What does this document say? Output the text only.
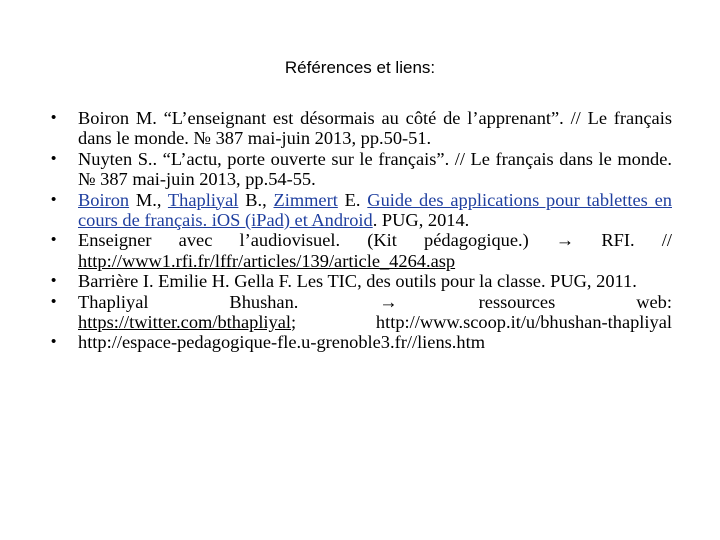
Références et liens:
• Boiron M. “L’enseignant est désormais au côté de l’apprenant”. // Le français dans le monde. № 387 mai-juin 2013, pp.50-51.
• Nuyten S.. “L’actu, porte ouverte sur le français”. // Le français dans le monde. № 387 mai-juin 2013, pp.54-55.
• Boiron M., Thapliyal B., Zimmert E. Guide des applications pour tablettes en cours de français. iOS (iPad) et Android. PUG, 2014.
• Enseigner avec l’audiovisuel. (Kit pédagogique.) → RFI. // http://www1.rfi.fr/lffr/articles/139/article_4264.asp
• Barrière I. Emilie H. Gella F. Les TIC, des outils pour la classe. PUG, 2011.
• Thapliyal	Bhushan.	→	ressources	web:
https://twitter.com/bthapliyal;	http://www.scoop.it/u/bhushan-thapliyal
• http://espace-pedagogique-fle.u-grenoble3.fr//liens.htm
